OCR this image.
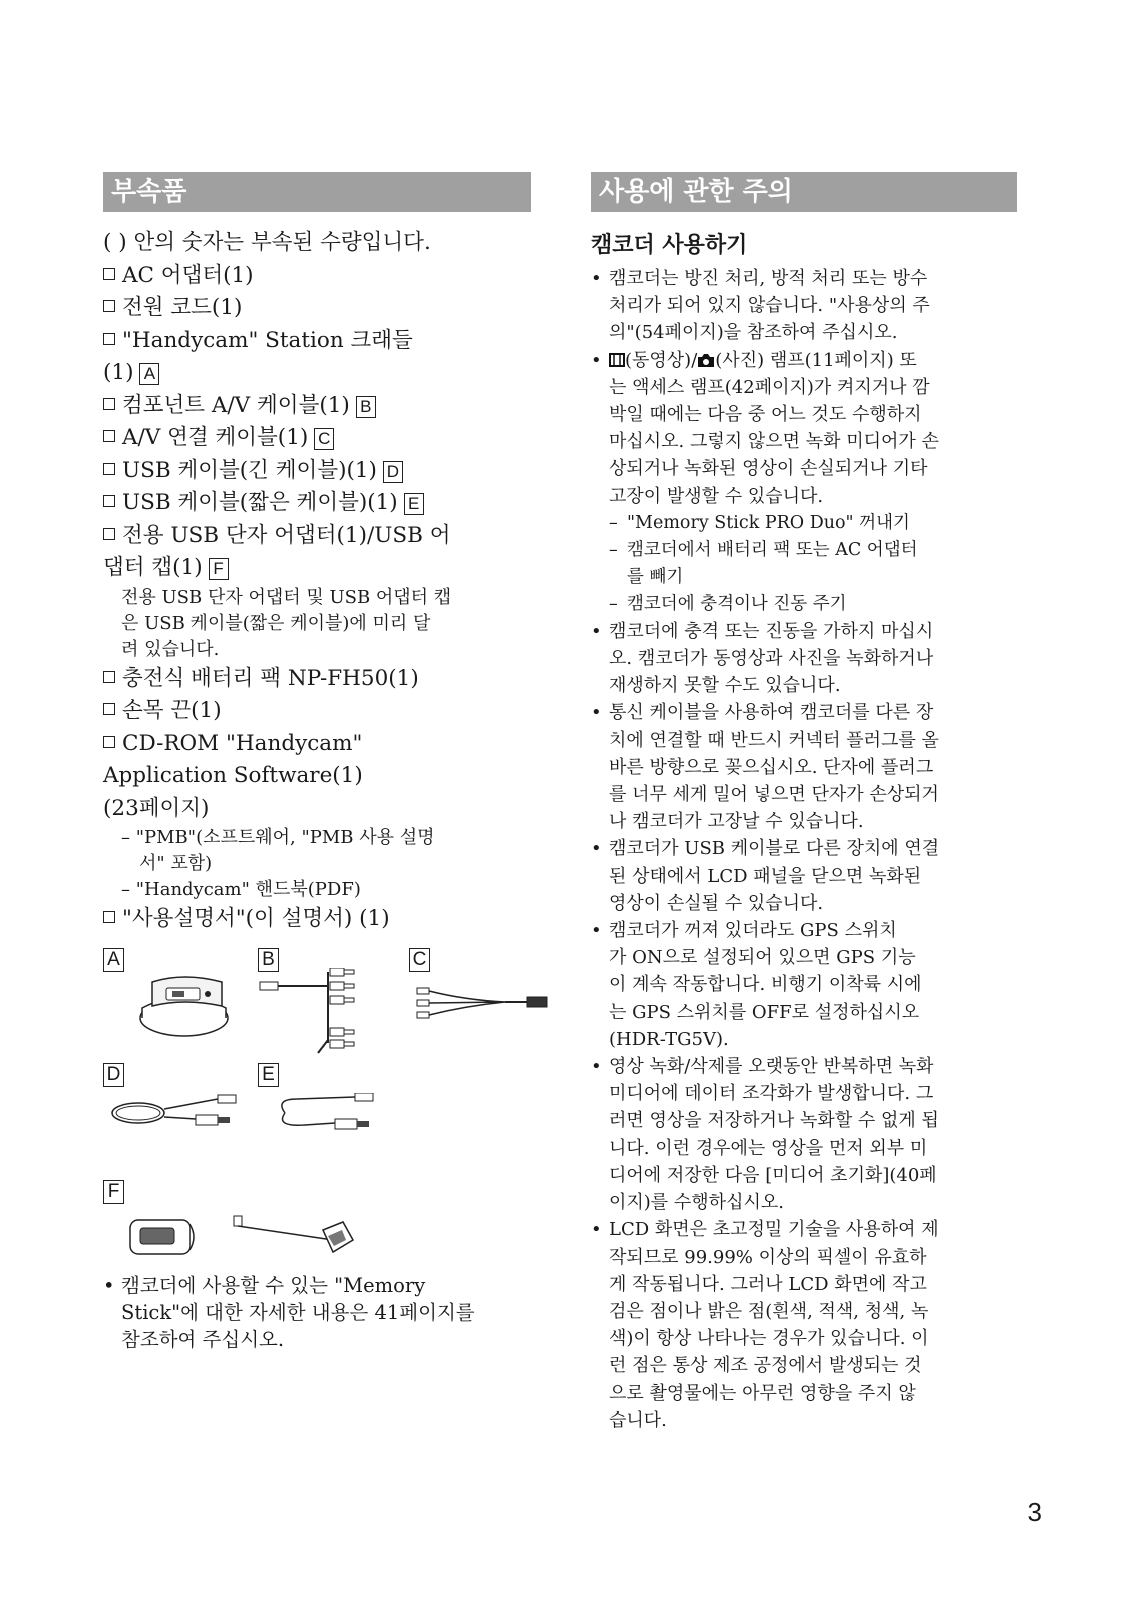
부속품
( ) 안의 숫자는 부속된 수량입니다.
AC 어댑터(1)
전원 코드(1)
"Handycam" Station 크래들
(1) A
컴포넌트 A/V 케이블(1) B
A/V 연결 케이블(1) C
USB 케이블(긴 케이블)(1) D
USB 케이블(짧은 케이블)(1) E
전용 USB 단자 어댑터(1)/USB 어
댑터 캡(1) F
전용 USB 단자 어댑터 및 USB 어댑터 캡
은 USB 케이블(짧은 케이블)에 미리 달
려 있습니다.
충전식 배터리 팩 NP-FH50(1)
손목 끈(1)
CD-ROM "Handycam"
Application Software(1)
(23페이지)
– "PMB"(소프트웨어, "PMB 사용 설명
서" 포함)
– "Handycam" 핸드북(PDF)
"사용설명서"(이 설명서) (1)
A	B	C
D	E
F
• 캠코더에 사용할 수 있는 "Memory
Stick"에 대한 자세한 내용은 41페이지를
참조하여 주십시오.
사용에 관한 주의
캠코더 사용하기
• 캠코더는 방진 처리, 방적 처리 또는 방수
처리가 되어 있지 않습니다. "사용상의 주
의"(54페이지)을 참조하여 주십시오.
•	(동영상)/ (사진) 램프(11페이지) 또
는 액세스 램프(42페이지)가 켜지거나 깜
박일 때에는 다음 중 어느 것도 수행하지
마십시오. 그렇지 않으면 녹화 미디어가 손
상되거나 녹화된 영상이 손실되거나 기타
고장이 발생할 수 있습니다.
– "Memory Stick PRO Duo" 꺼내기
– 캠코더에서 배터리 팩 또는 AC 어댑터
를 빼기
– 캠코더에 충격이나 진동 주기
• 캠코더에 충격 또는 진동을 가하지 마십시
오. 캠코더가 동영상과 사진을 녹화하거나
재생하지 못할 수도 있습니다.
• 통신 케이블을 사용하여 캠코더를 다른 장
치에 연결할 때 반드시 커넥터 플러그를 올
바른 방향으로 꽂으십시오. 단자에 플러그
를 너무 세게 밀어 넣으면 단자가 손상되거
나 캠코더가 고장날 수 있습니다.
• 캠코더가 USB 케이블로 다른 장치에 연결
된 상태에서 LCD 패널을 닫으면 녹화된
영상이 손실될 수 있습니다.
• 캠코더가 꺼져 있더라도 GPS 스위치
가 ON으로 설정되어 있으면 GPS 기능
이 계속 작동합니다. 비행기 이착륙 시에
는 GPS 스위치를 OFF로 설정하십시오
(HDR-TG5V).
• 영상 녹화/삭제를 오랫동안 반복하면 녹화
미디어에 데이터 조각화가 발생합니다. 그
러면 영상을 저장하거나 녹화할 수 없게 됩
니다. 이런 경우에는 영상을 먼저 외부 미
디어에 저장한 다음 [미디어 초기화](40페
이지)를 수행하십시오.
• LCD 화면은 초고정밀 기술을 사용하여 제
작되므로 99.99% 이상의 픽셀이 유효하
게 작동됩니다. 그러나 LCD 화면에 작고
검은 점이나 밝은 점(흰색, 적색, 청색, 녹
색)이 항상 나타나는 경우가 있습니다. 이
런 점은 통상 제조 공정에서 발생되는 것
으로 촬영물에는 아무런 영향을 주지 않
습니다.
3
